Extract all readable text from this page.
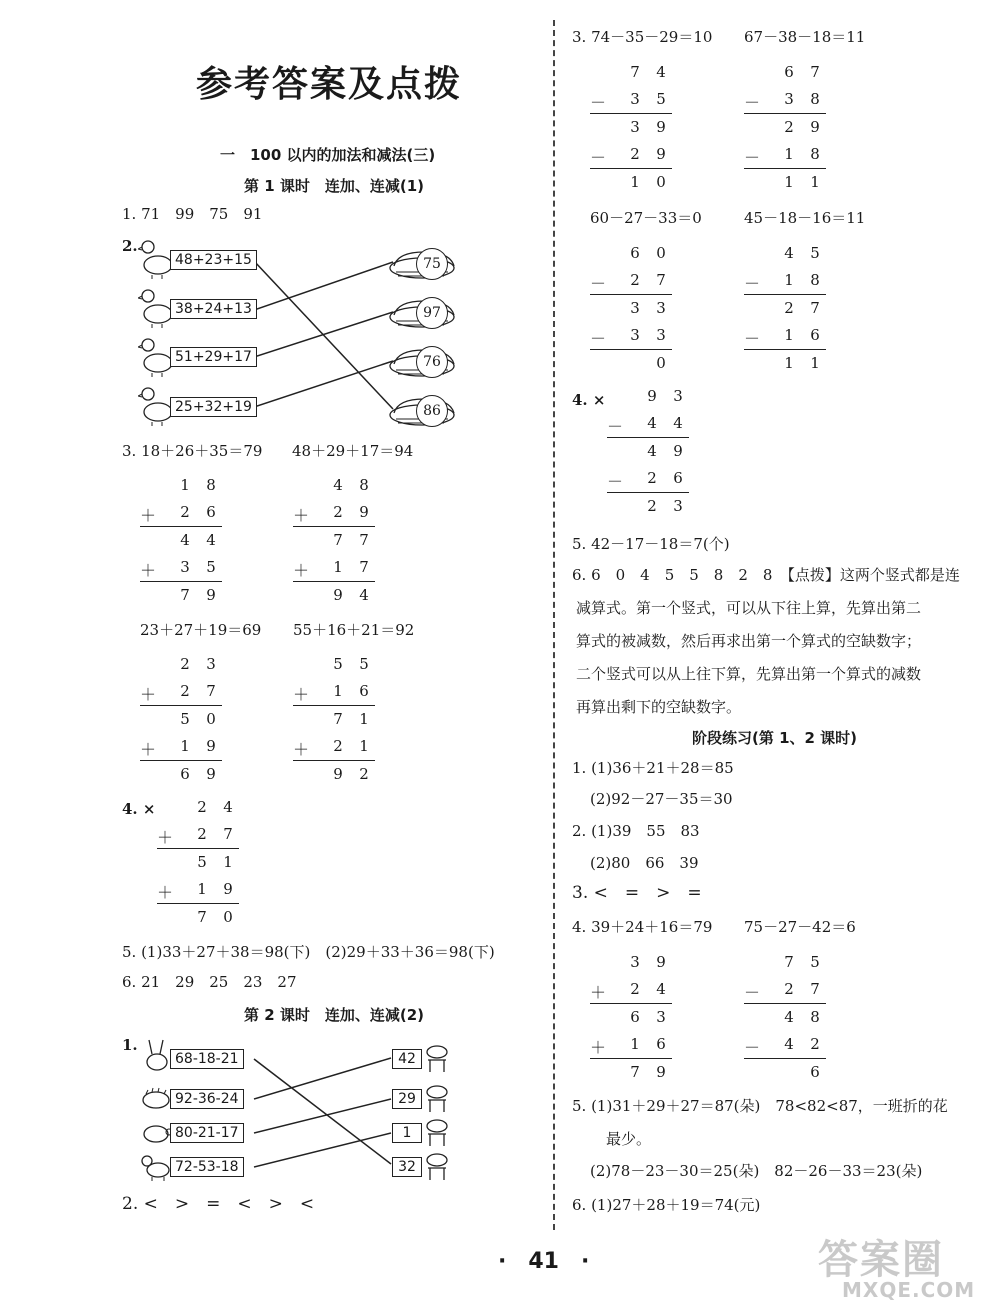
参考答案及点拨
一　100 以内的加法和减法(三)
第 1 课时　连加、连减(1)
1. 71　99　75　91
2.
48+23+15
38+24+13
51+29+17
25+32+19
75
97
76
86
3. 18＋26＋35＝79 48＋29＋17＝94
1 8
＋ 2 6
4 4
＋ 3 5
7 9
4 8
＋ 2 9
7 7
＋ 1 7
9 4
23＋27＋19＝69 55＋16＋21＝92
2 3
＋ 2 7
5 0
＋ 1 9
6 9
5 5
＋ 1 6
7 1
＋ 2 1
9 2
4. ×	2 4
＋ 2 7
5 1
＋ 1 9
7 0
5. (1)33＋27＋38＝98(下)　(2)29＋33＋36＝98(下)
6. 21　29　25　23　27
第 2 课时　连加、连减(2)
1.
68-18-21
92-36-24
80-21-17
72-53-18
42
29
1
32
2. <　>　=　<　>　<
3. 74－35－29＝10 67－38－18＝11
7 4
－ 3 5
3 9
－ 2 9
1 0
6 7
－ 3 8
2 9
－ 1 8
1 1
60－27－33＝0	45－18－16＝11
6 0
－ 2 7
3 3
－ 3 3
0
4 5
－ 1 8
2 7
－ 1 6
1 1
4. ×	9 3
－ 4 4
4 9
－ 2 6
2 3
5. 42－17－18＝7(个)
6. 6　0　4　5　5　8　2　8　【点拨】这两个竖式都是连
减算式。第一个竖式，可以从下往上算，先算出第二
算式的被减数，然后再求出第一个算式的空缺数字；
二个竖式可以从上往下算，先算出第一个算式的减数
再算出剩下的空缺数字。
阶段练习(第 1、2 课时)
1. (1)36＋21＋28＝85
(2)92－27－35＝30
2. (1)39　55　83
(2)80　66　39
3. <　=　>　=
4. 39＋24＋16＝79 75－27－42＝6
3 9
＋ 2 4
6 3
＋ 1 6
7 9
7 5
－ 2 7
4 8
－ 4 2
6
5. (1)31＋29＋27＝87(朵)　78<82<87，一班折的花
最少。
(2)78－23－30＝25(朵)　82－26－33＝23(朵)
6. (1)27＋28＋19＝74(元)
·　41　·	答案圈
MXQE.COM
